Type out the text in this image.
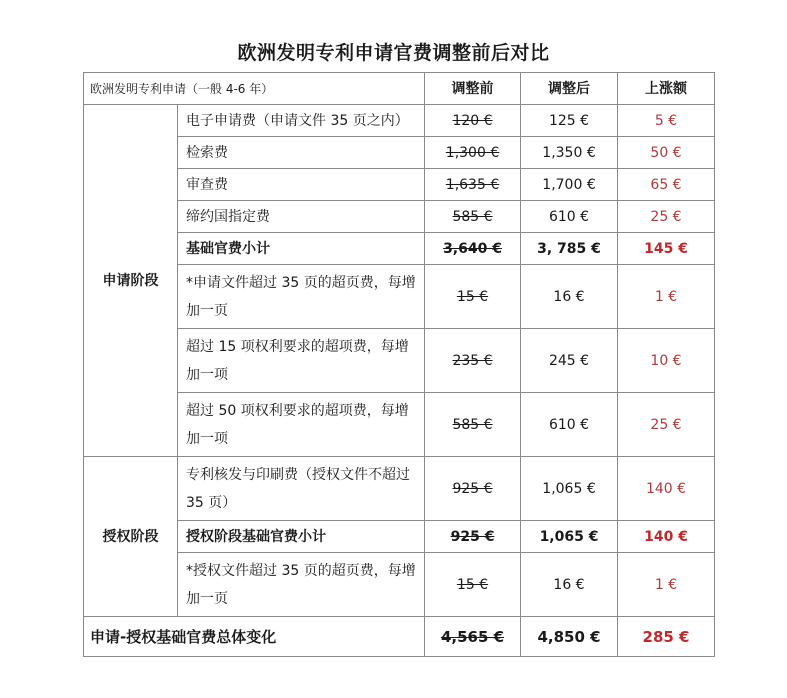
欧洲发明专利申请官费调整前后对比
欧洲发明专利申请（一般 4-6 年）		调整前	调整后	上涨额
申请阶段	电子申请费（申请文件 35 页之内）	120 €	125 €	5 €
	检索费	1,300 €	1,350 €	50 €
	审查费	1,635 €	1,700 €	65 €
	缔约国指定费	585 €	610 €	25 €
	基础官费小计	3,640 €	3, 785 €	145 €
	*申请文件超过 35 页的超页费，每增加一页	15 €	16 €	1 €
	超过 15 项权利要求的超项费，每增加一项	235 €	245 €	10 €
	超过 50 项权利要求的超项费，每增加一项	585 €	610 €	25 €
授权阶段	专利核发与印刷费（授权文件不超过 35 页）	925 €	1,065 €	140 €
	授权阶段基础官费小计	925 €	1,065 €	140 €
	*授权文件超过 35 页的超页费，每增加一页	15 €	16 €	1 €
申请-授权基础官费总体变化		4,565 €	4,850 €	285 €
